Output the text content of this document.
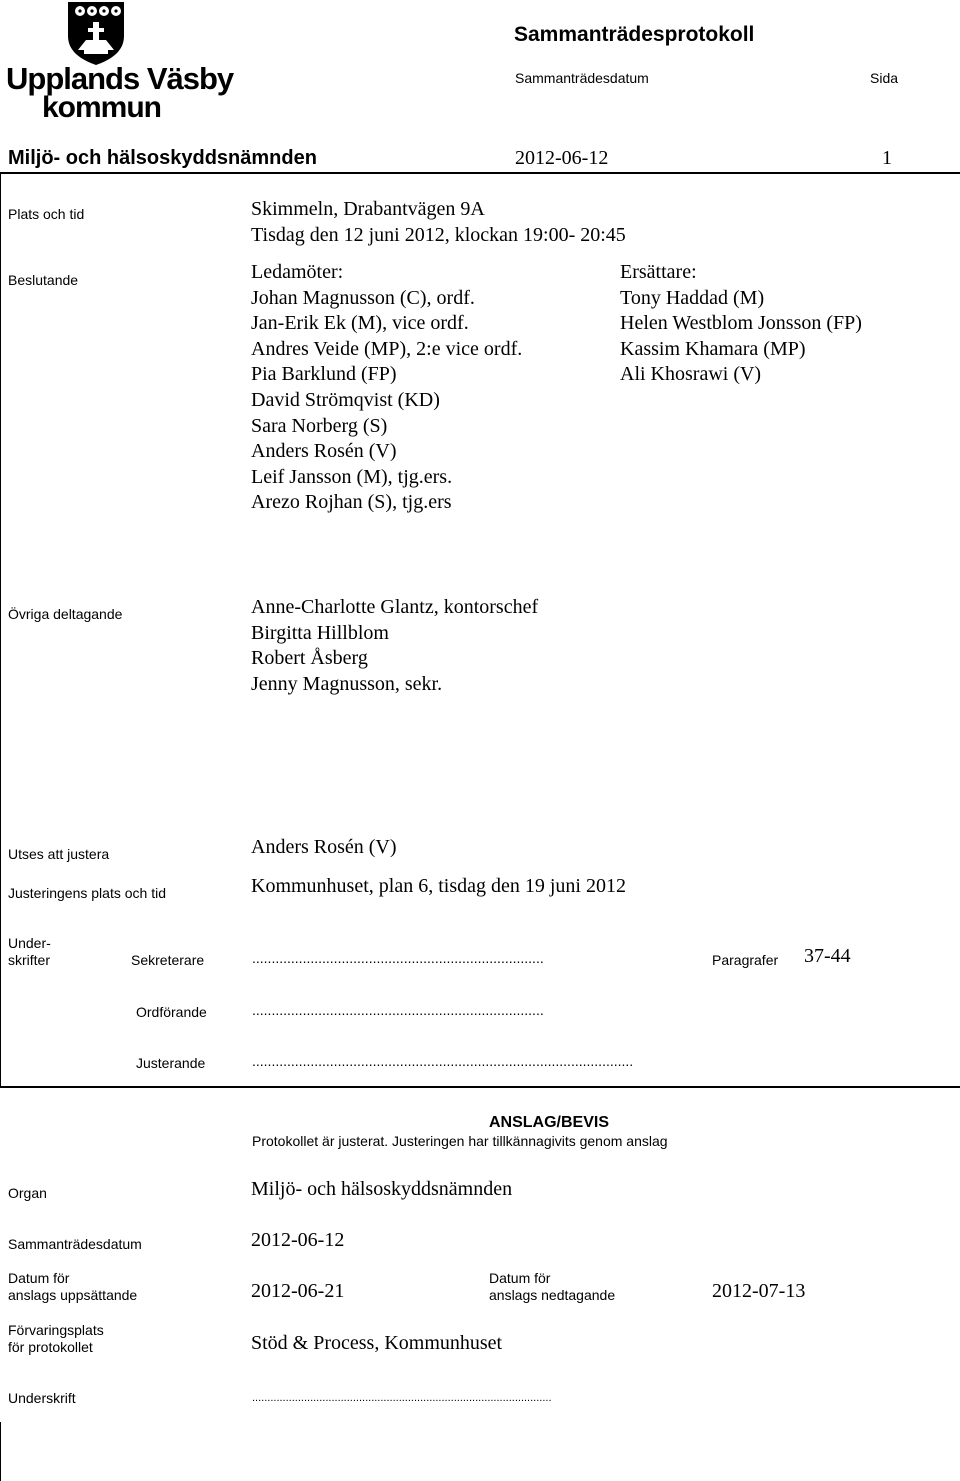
Upplands Väsby
kommun
Sammanträdesprotokoll
Sammanträdesdatum	Sida
Miljö- och hälsoskyddsnämnden	2012-06-12	1
Plats och tid	Skimmeln, Drabantvägen 9A
Tisdag den 12 juni 2012, klockan 19:00- 20:45
Beslutande	Ledamöter:
Johan Magnusson (C), ordf.
Jan-Erik Ek (M), vice ordf.
Andres Veide (MP), 2:e vice ordf.
Pia Barklund (FP)
David Strömqvist (KD)
Sara Norberg (S)
Anders Rosén (V)
Leif Jansson (M), tjg.ers.
Arezo Rojhan (S), tjg.ers
Ersättare:
Tony Haddad (M)
Helen Westblom Jonsson (FP)
Kassim Khamara (MP)
Ali Khosrawi (V)
Övriga deltagande	Anne-Charlotte Glantz, kontorschef
Birgitta Hillblom
Robert Åsberg
Jenny Magnusson, sekr.
Utses att justera	Anders Rosén (V)
Justeringens plats och tid	Kommunhuset, plan 6, tisdag den 19 juni 2012
Under-
skrifter	Sekreterare	...........................................................................	Paragrafer 37-44
Ordförande	...........................................................................
Justerande	..................................................................................................
ANSLAG/BEVIS
Protokollet är justerat. Justeringen har tillkännagivits genom anslag
Organ	Miljö- och hälsoskyddsnämnden
Sammanträdesdatum	2012-06-12
Datum för
anslags uppsättande	2012-06-21
Datum för
anslags nedtagande	2012-07-13
Förvaringsplats
för protokollet	Stöd & Process, Kommunhuset
Underskrift	..................................................................................................
